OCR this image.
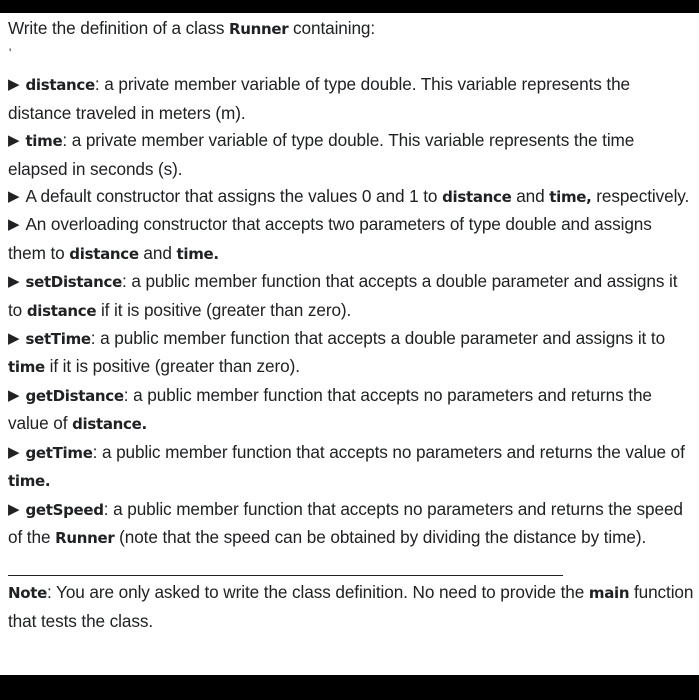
Write the definition of a class Runner containing:

'

▶ distance: a private member variable of type double. This variable represents the distance traveled in meters (m).

▶ time: a private member variable of type double. This variable represents the time elapsed in seconds (s).

▶ A default constructor that assigns the values 0 and 1 to distance and time, respectively.

▶ An overloading constructor that accepts two parameters of type double and assigns them to distance and time.

▶ setDistance: a public member function that accepts a double parameter and assigns it to distance if it is positive (greater than zero).

▶ setTime: a public member function that accepts a double parameter and assigns it to time if it is positive (greater than zero).

▶ getDistance: a public member function that accepts no parameters and returns the value of distance.

▶ getTime: a public member function that accepts no parameters and returns the value of time.

▶ getSpeed: a public member function that accepts no parameters and returns the speed of the Runner (note that the speed can be obtained by dividing the distance by time).

Note: You are only asked to write the class definition. No need to provide the main function that tests the class.
